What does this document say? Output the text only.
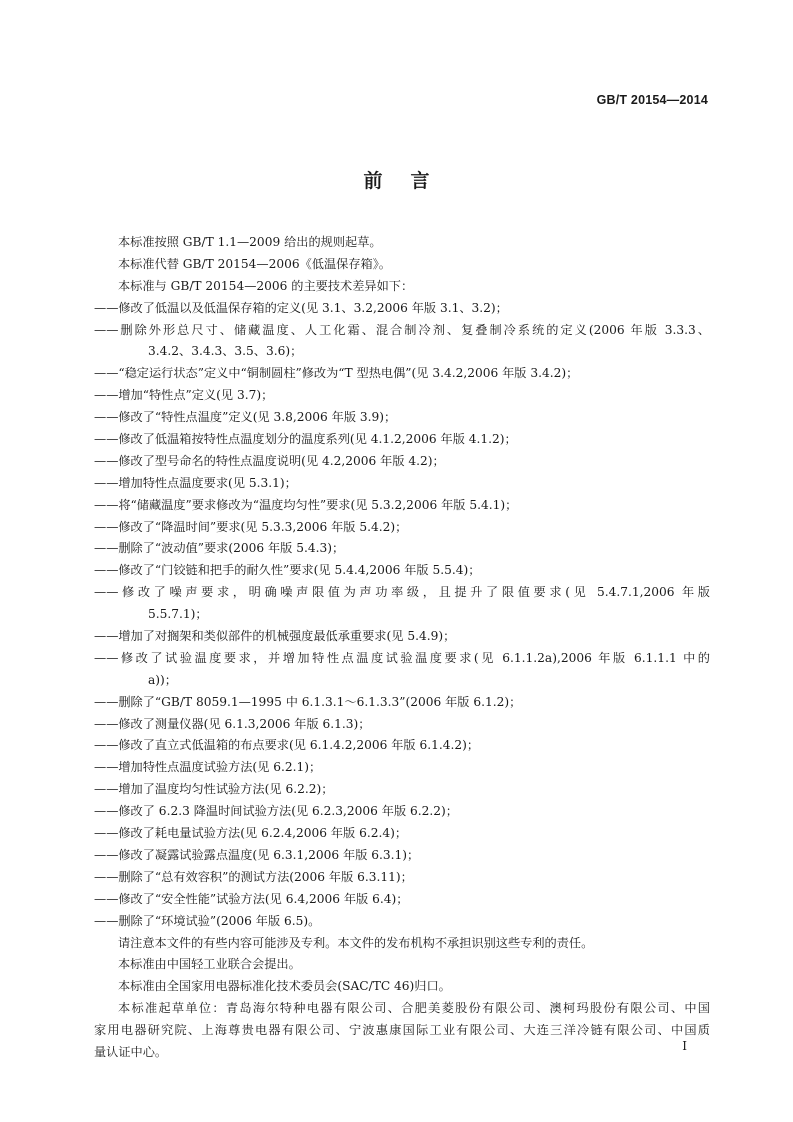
GB/T 20154—2014
前言
本标准按照 GB/T 1.1—2009 给出的规则起草。
本标准代替 GB/T 20154—2006《低温保存箱》。
本标准与 GB/T 20154—2006 的主要技术差异如下：
——修改了低温以及低温保存箱的定义(见 3.1、3.2,2006 年版 3.1、3.2)；
——删除外形总尺寸、储藏温度、人工化霜、混合制冷剂、复叠制冷系统的定义(2006 年版 3.3.3、
3.4.2、3.4.3、3.5、3.6)；
——“稳定运行状态”定义中“铜制圆柱”修改为“T 型热电偶”(见 3.4.2,2006 年版 3.4.2)；
——增加“特性点”定义(见 3.7)；
——修改了“特性点温度”定义(见 3.8,2006 年版 3.9)；
——修改了低温箱按特性点温度划分的温度系列(见 4.1.2,2006 年版 4.1.2)；
——修改了型号命名的特性点温度说明(见 4.2,2006 年版 4.2)；
——增加特性点温度要求(见 5.3.1)；
——将“储藏温度”要求修改为“温度均匀性”要求(见 5.3.2,2006 年版 5.4.1)；
——修改了“降温时间”要求(见 5.3.3,2006 年版 5.4.2)；
——删除了“波动值”要求(2006 年版 5.4.3)；
——修改了“门铰链和把手的耐久性”要求(见 5.4.4,2006 年版 5.5.4)；
——修改了噪声要求，明确噪声限值为声功率级，且提升了限值要求(见 5.4.7.1,2006 年版
5.5.7.1)；
——增加了对搁架和类似部件的机械强度最低承重要求(见 5.4.9)；
——修改了试验温度要求，并增加特性点温度试验温度要求(见 6.1.1.2a),2006 年版 6.1.1.1 中的
a))；
——删除了“GB/T 8059.1—1995 中 6.1.3.1～6.1.3.3”(2006 年版 6.1.2)；
——修改了测量仪器(见 6.1.3,2006 年版 6.1.3)；
——修改了直立式低温箱的布点要求(见 6.1.4.2,2006 年版 6.1.4.2)；
——增加特性点温度试验方法(见 6.2.1)；
——增加了温度均匀性试验方法(见 6.2.2)；
——修改了 6.2.3 降温时间试验方法(见 6.2.3,2006 年版 6.2.2)；
——修改了耗电量试验方法(见 6.2.4,2006 年版 6.2.4)；
——修改了凝露试验露点温度(见 6.3.1,2006 年版 6.3.1)；
——删除了“总有效容积”的测试方法(2006 年版 6.3.11)；
——修改了“安全性能”试验方法(见 6.4,2006 年版 6.4)；
——删除了“环境试验”(2006 年版 6.5)。
请注意本文件的有些内容可能涉及专利。本文件的发布机构不承担识别这些专利的责任。
本标准由中国轻工业联合会提出。
本标准由全国家用电器标准化技术委员会(SAC/TC 46)归口。
本标准起草单位：青岛海尔特种电器有限公司、合肥美菱股份有限公司、澳柯玛股份有限公司、中国
家用电器研究院、上海尊贵电器有限公司、宁波惠康国际工业有限公司、大连三洋冷链有限公司、中国质
量认证中心。	I
